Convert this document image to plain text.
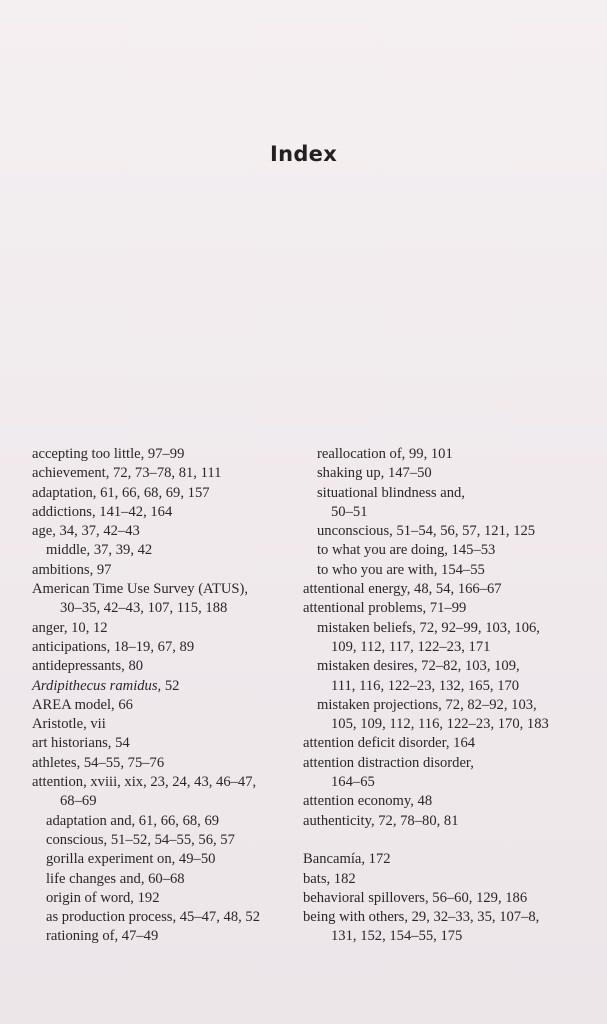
Index
accepting too little, 97–99
achievement, 72, 73–78, 81, 111
adaptation, 61, 66, 68, 69, 157
addictions, 141–42, 164
age, 34, 37, 42–43
middle, 37, 39, 42
ambitions, 97
American Time Use Survey (ATUS),
30–35, 42–43, 107, 115, 188
anger, 10, 12
anticipations, 18–19, 67, 89
antidepressants, 80
Ardipithecus ramidus, 52
AREA model, 66
Aristotle, vii
art historians, 54
athletes, 54–55, 75–76
attention, xviii, xix, 23, 24, 43, 46–47,
68–69
adaptation and, 61, 66, 68, 69
conscious, 51–52, 54–55, 56, 57
gorilla experiment on, 49–50
life changes and, 60–68
origin of word, 192
as production process, 45–47, 48, 52
rationing of, 47–49
reallocation of, 99, 101
shaking up, 147–50
situational blindness and,
50–51
unconscious, 51–54, 56, 57, 121, 125
to what you are doing, 145–53
to who you are with, 154–55
attentional energy, 48, 54, 166–67
attentional problems, 71–99
mistaken beliefs, 72, 92–99, 103, 106,
109, 112, 117, 122–23, 171
mistaken desires, 72–82, 103, 109,
111, 116, 122–23, 132, 165, 170
mistaken projections, 72, 82–92, 103,
105, 109, 112, 116, 122–23, 170, 183
attention deficit disorder, 164
attention distraction disorder,
164–65
attention economy, 48
authenticity, 72, 78–80, 81
Bancamía, 172
bats, 182
behavioral spillovers, 56–60, 129, 186
being with others, 29, 32–33, 35, 107–8,
131, 152, 154–55, 175
